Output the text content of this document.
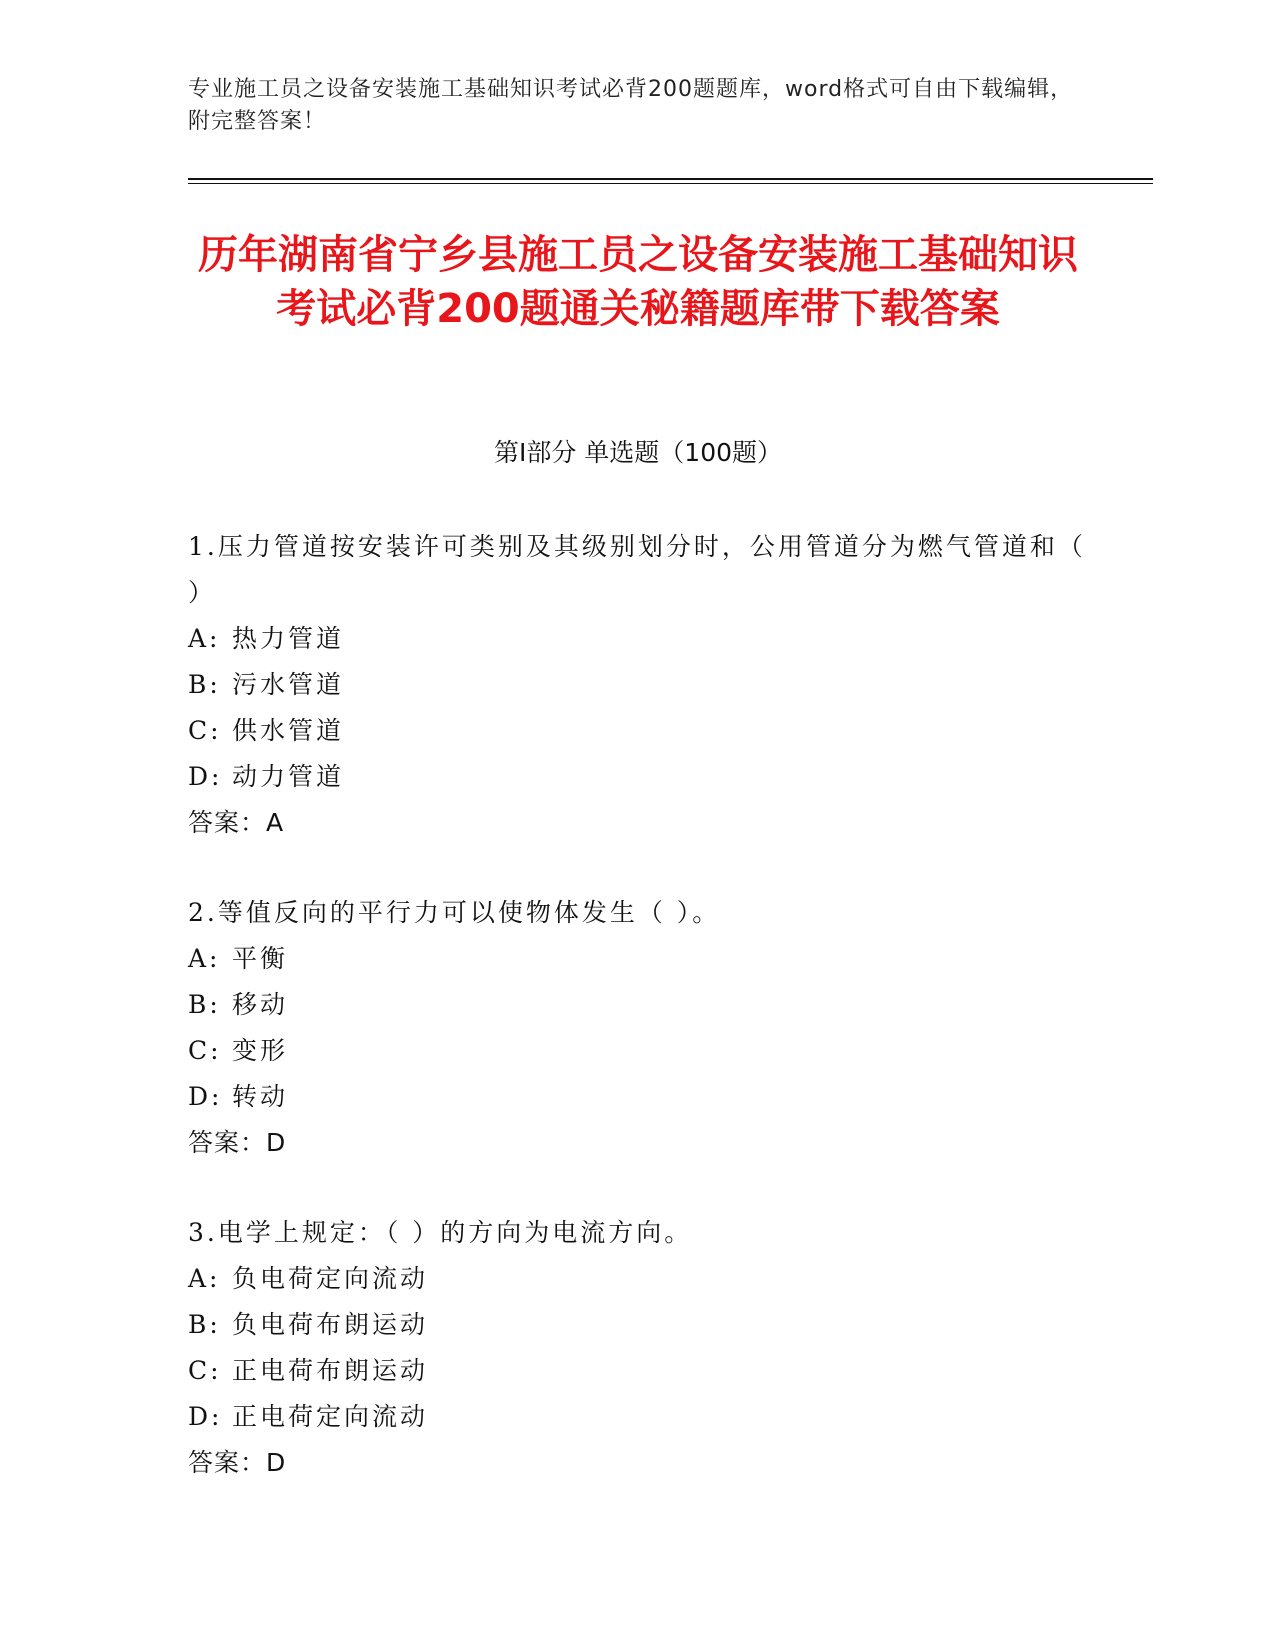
专业施工员之设备安装施工基础知识考试必背200题题库，word格式可自由下载编辑，附完整答案！
历年湖南省宁乡县施工员之设备安装施工基础知识考试必背200题通关秘籍题库带下载答案
第I部分 单选题（100题）

1.压力管道按安装许可类别及其级别划分时，公用管道分为燃气管道和（ ）

A: 热力管道

B: 污水管道

C: 供水管道

D: 动力管道

答案：A

2.等值反向的平行力可以使物体发生（ ）。

A: 平衡

B: 移动

C: 变形

D: 转动

答案：D

3.电学上规定：（ ）的方向为电流方向。

A: 负电荷定向流动

B: 负电荷布朗运动

C: 正电荷布朗运动

D: 正电荷定向流动

答案：D
